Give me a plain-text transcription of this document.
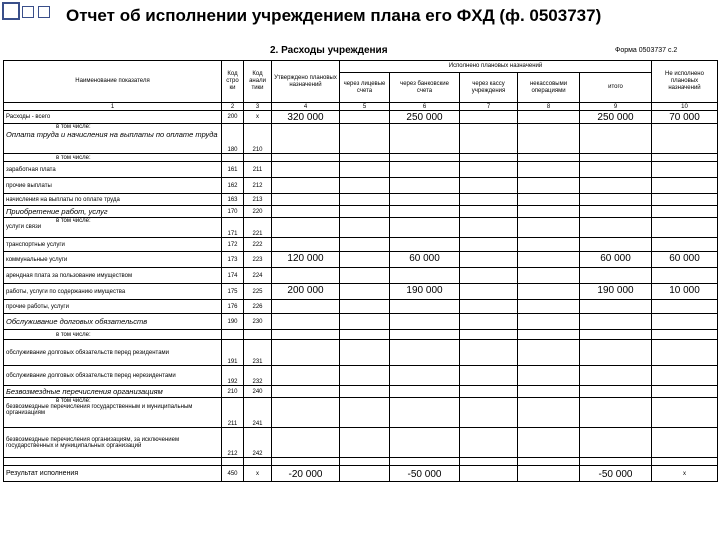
Отчет об исполнении учреждением плана его ФХД (ф. 0503737)
2. Расходы учреждения	Форма 0503737 с.2
Наименование показателя	Код стро ки	Код анали тики	Утверждено плановых назначений	Исполнено плановых назначений					Не исполнено плановых назначений
				через лицевые счета	через банковские счета	через кассу учреждения	некассовыми операциями	итого	
1	2	3	4	5	6	7	8	9	10
Расходы - всего	200	х	320 000		250 000			250 000	70 000

в том числе:
Оплата труда и начисления на выплаты по оплате труда	180	210							
в том числе:									
заработная плата	161	211							
прочие выплаты	162	212							
начисления на выплаты по оплате труда	163	213							
Приобретение работ, услуг	170	220							

в том числе:
услуги связи	171	221							
транспортные услуги	172	222							
коммунальные услуги	173	223	120 000		60 000			60 000	60 000
арендная плата за пользование имуществом	174	224							
работы, услуги по содержанию имущества	175	225	200 000		190 000			190 000	10 000
прочие работы, услуги	176	226							
Обслуживание долговых обязательств	190	230							
в том числе:									
обслуживание долговых обязательств перед резидентами	191	231							
обслуживание долговых обязательств перед нерезидентами	192	232							
Безвозмездные перечисления организациям	210	240							

в том числе:
безвозмездные перечисления государственным и муниципальным организациям	211	241							
безвозмездные перечисления организациям, за исключением государственных и муниципальных организаций	212	242							

Результат исполнения	450	х	-20 000		-50 000			-50 000	х
